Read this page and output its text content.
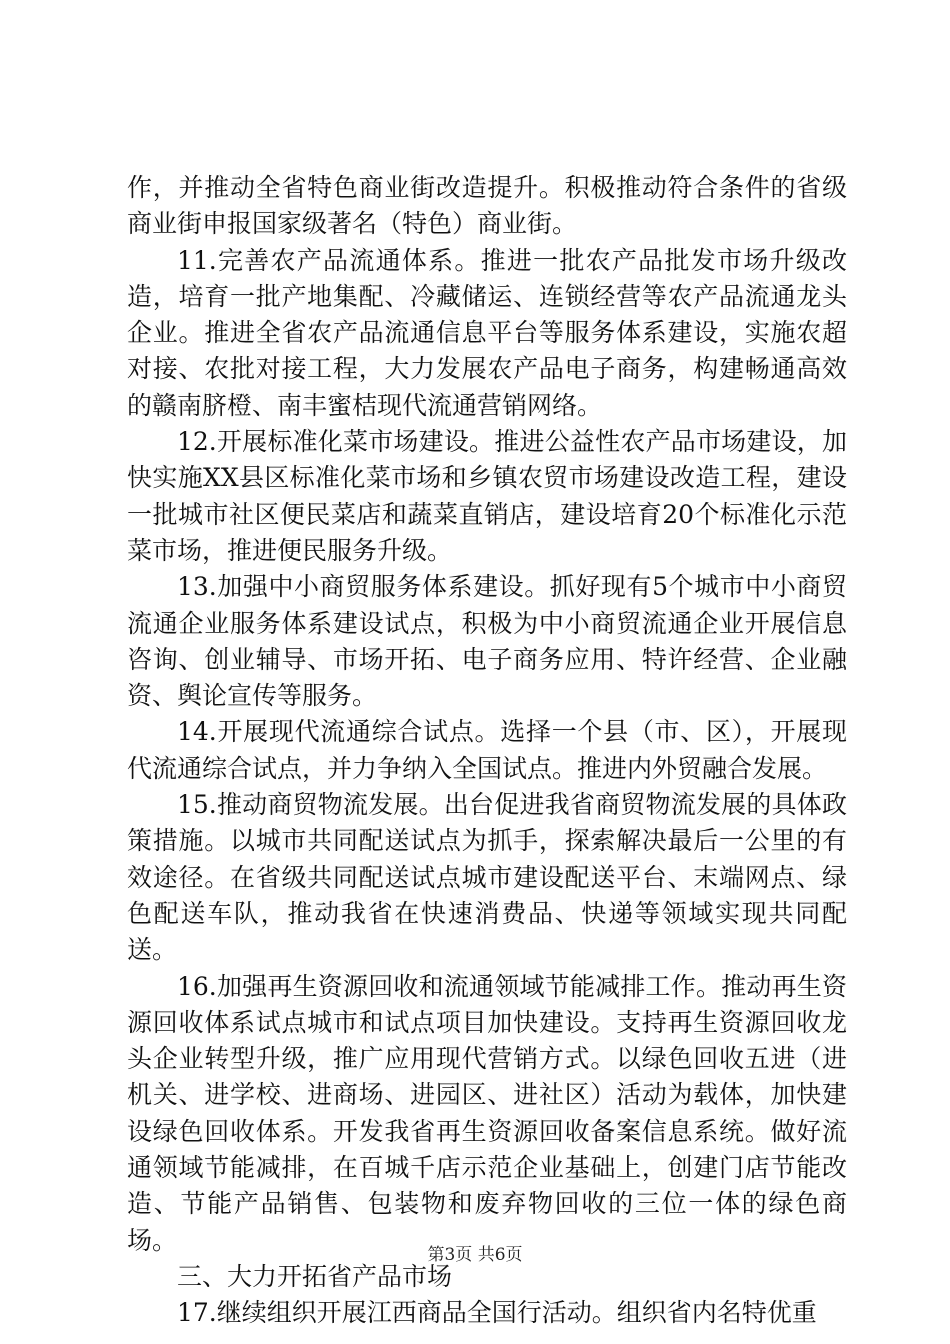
作，并推动全省特色商业街改造提升。积极推动符合条件的省级商业街申报国家级著名（特色）商业街。

11.完善农产品流通体系。推进一批农产品批发市场升级改造，培育一批产地集配、冷藏储运、连锁经营等农产品流通龙头企业。推进全省农产品流通信息平台等服务体系建设，实施农超对接、农批对接工程，大力发展农产品电子商务，构建畅通高效的赣南脐橙、南丰蜜桔现代流通营销网络。

12.开展标准化菜市场建设。推进公益性农产品市场建设，加快实施XX县区标准化菜市场和乡镇农贸市场建设改造工程，建设一批城市社区便民菜店和蔬菜直销店，建设培育20个标准化示范菜市场，推进便民服务升级。

13.加强中小商贸服务体系建设。抓好现有5个城市中小商贸流通企业服务体系建设试点，积极为中小商贸流通企业开展信息咨询、创业辅导、市场开拓、电子商务应用、特许经营、企业融资、舆论宣传等服务。

14.开展现代流通综合试点。选择一个县（市、区），开展现代流通综合试点，并力争纳入全国试点。推进内外贸融合发展。

15.推动商贸物流发展。出台促进我省商贸物流发展的具体政策措施。以城市共同配送试点为抓手，探索解决最后一公里的有效途径。在省级共同配送试点城市建设配送平台、末端网点、绿色配送车队，推动我省在快速消费品、快递等领域实现共同配送。

16.加强再生资源回收和流通领域节能减排工作。推动再生资源回收体系试点城市和试点项目加快建设。支持再生资源回收龙头企业转型升级，推广应用现代营销方式。以绿色回收五进（进机关、进学校、进商场、进园区、进社区）活动为载体，加快建设绿色回收体系。开发我省再生资源回收备案信息系统。做好流通领域节能减排，在百城千店示范企业基础上，创建门店节能改造、节能产品销售、包装物和废弃物回收的三位一体的绿色商场。

三、大力开拓省产品市场

17.继续组织开展江西商品全国行活动。组织省内名特优重

第3页 共6页
